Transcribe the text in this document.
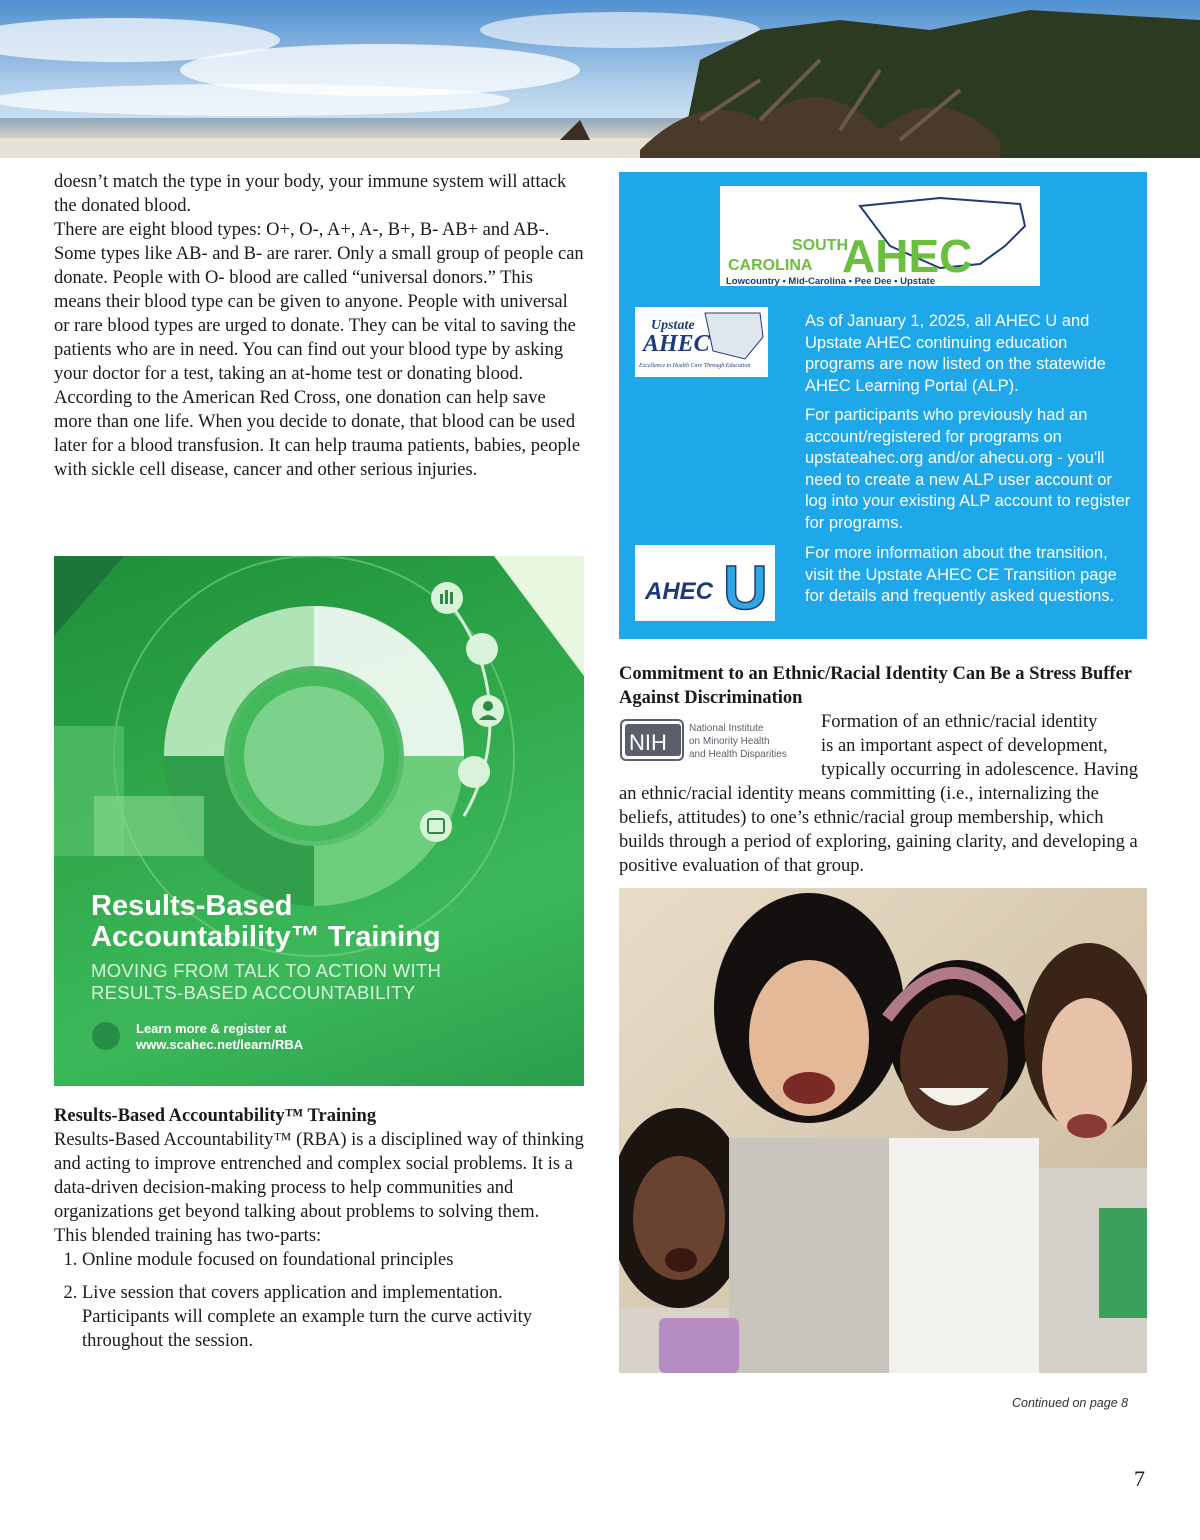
doesn’t match the type in your body, your immune system will attack the donated blood.

There are eight blood types: O+, O-, A+, A-, B+, B- AB+ and AB-. Some types like AB- and B- are rarer. Only a small group of people can donate. People with O- blood are called “universal donors.” This means their blood type can be given to anyone. People with universal or rare blood types are urged to donate. They can be vital to saving the patients who are in need. You can find out your blood type by asking your doctor for a test, taking an at-home test or donating blood.

According to the American Red Cross, one donation can help save more than one life. When you decide to donate, that blood can be used later for a blood transfusion. It can help trauma patients, babies, people with sickle cell disease, cancer and other serious injuries.

Results-Based
Accountability™ Training

MOVING FROM TALK TO ACTION WITH
RESULTS-BASED ACCOUNTABILITY

Learn more & register at
www.scahec.net/learn/RBA

Results-Based Accountability™ Training

Results-Based Accountability™ (RBA) is a disciplined way of thinking and acting to improve entrenched and complex social problems. It is a data-driven decision-making process to help communities and organizations get beyond talking about problems to solving them.

This blended training has two-parts:

1. Online module focused on foundational principles
2. Live session that covers application and implementation. Participants will complete an example turn the curve activity throughout the session.
SOUTH
CAROLINA AHEC
Lowcountry • Mid-Carolina • Pee Dee • Upstate
Upstate
AHEC
Excellence in Health Care Through Education
AHEC U

As of January 1, 2025, all AHEC U and Upstate AHEC continuing education programs are now listed on the statewide AHEC Learning Portal (ALP).

For participants who previously had an account/registered for programs on upstateahec.org and/or ahecu.org - you'll need to create a new ALP user account or log into your existing ALP account to register for programs.

For more information about the transition, visit the Upstate AHEC CE Transition page for details and frequently asked questions.

Commitment to an Ethnic/Racial Identity Can Be a Stress Buffer Against Discrimination

NIH
National Institute
on Minority Health
and Health Disparities

Formation of an ethnic/racial identity

is an important aspect of development,

typically occurring in adolescence. Having

an ethnic/racial identity means committing (i.e., internalizing the beliefs, attitudes) to one’s ethnic/racial group membership, which builds through a period of exploring, gaining clarity, and developing a positive evaluation of that group.

Continued on page 8

7
